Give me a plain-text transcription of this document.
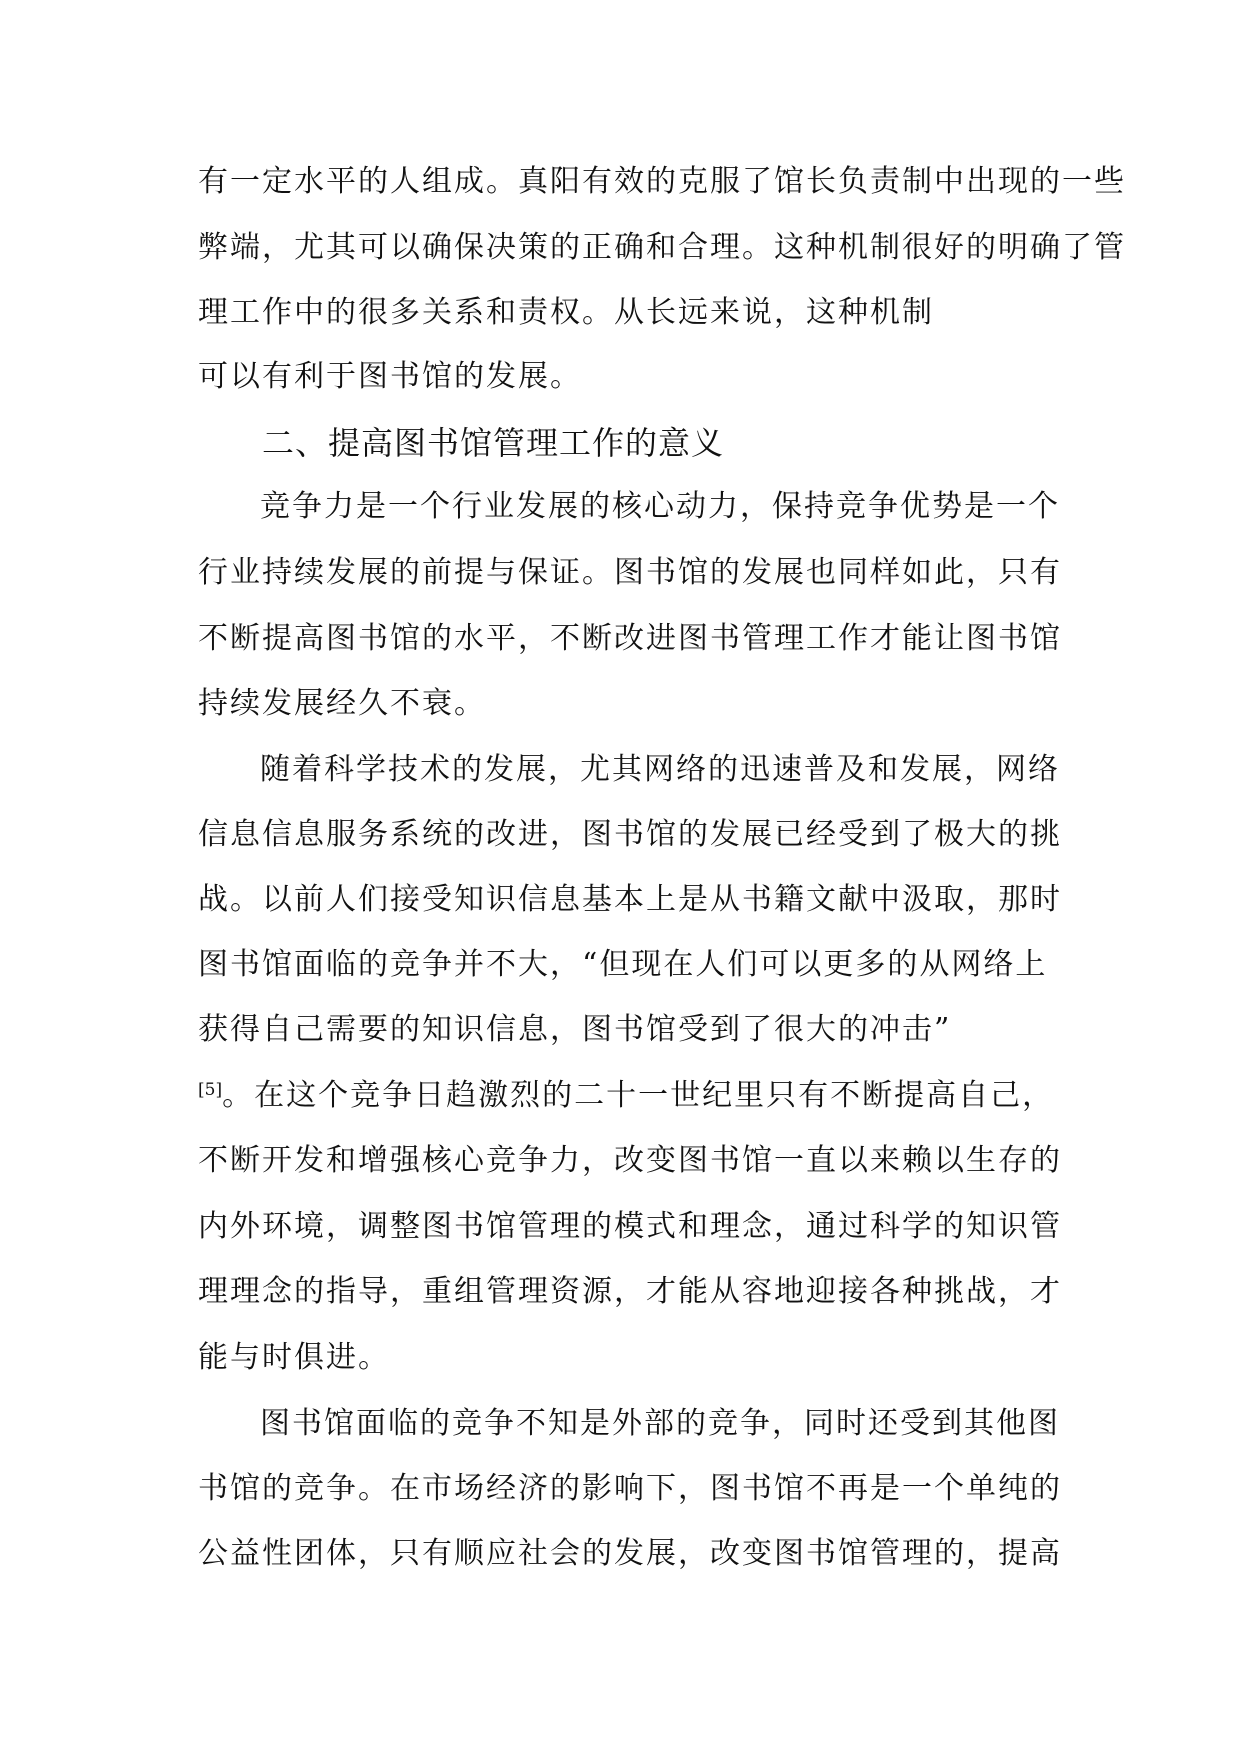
有一定水平的人组成。真阳有效的克服了馆长负责制中出现的一些
弊端，尤其可以确保决策的正确和合理。这种机制很好的明确了管
理工作中的很多关系和责权。从长远来说，这种机制
可以有利于图书馆的发展。
二、提高图书馆管理工作的意义
竞争力是一个行业发展的核心动力，保持竞争优势是一个
行业持续发展的前提与保证。图书馆的发展也同样如此，只有
不断提高图书馆的水平，不断改进图书管理工作才能让图书馆
持续发展经久不衰。
随着科学技术的发展，尤其网络的迅速普及和发展，网络
信息信息服务系统的改进，图书馆的发展已经受到了极大的挑
战。以前人们接受知识信息基本上是从书籍文献中汲取，那时
图书馆面临的竞争并不大，“但现在人们可以更多的从网络上
获得自己需要的知识信息，图书馆受到了很大的冲击”
[5]。在这个竞争日趋激烈的二十一世纪里只有不断提高自己，
不断开发和增强核心竞争力，改变图书馆一直以来赖以生存的
内外环境，调整图书馆管理的模式和理念，通过科学的知识管
理理念的指导，重组管理资源，才能从容地迎接各种挑战，才
能与时俱进。
图书馆面临的竞争不知是外部的竞争，同时还受到其他图
书馆的竞争。在市场经济的影响下，图书馆不再是一个单纯的
公益性团体，只有顺应社会的发展，改变图书馆管理的，提高
